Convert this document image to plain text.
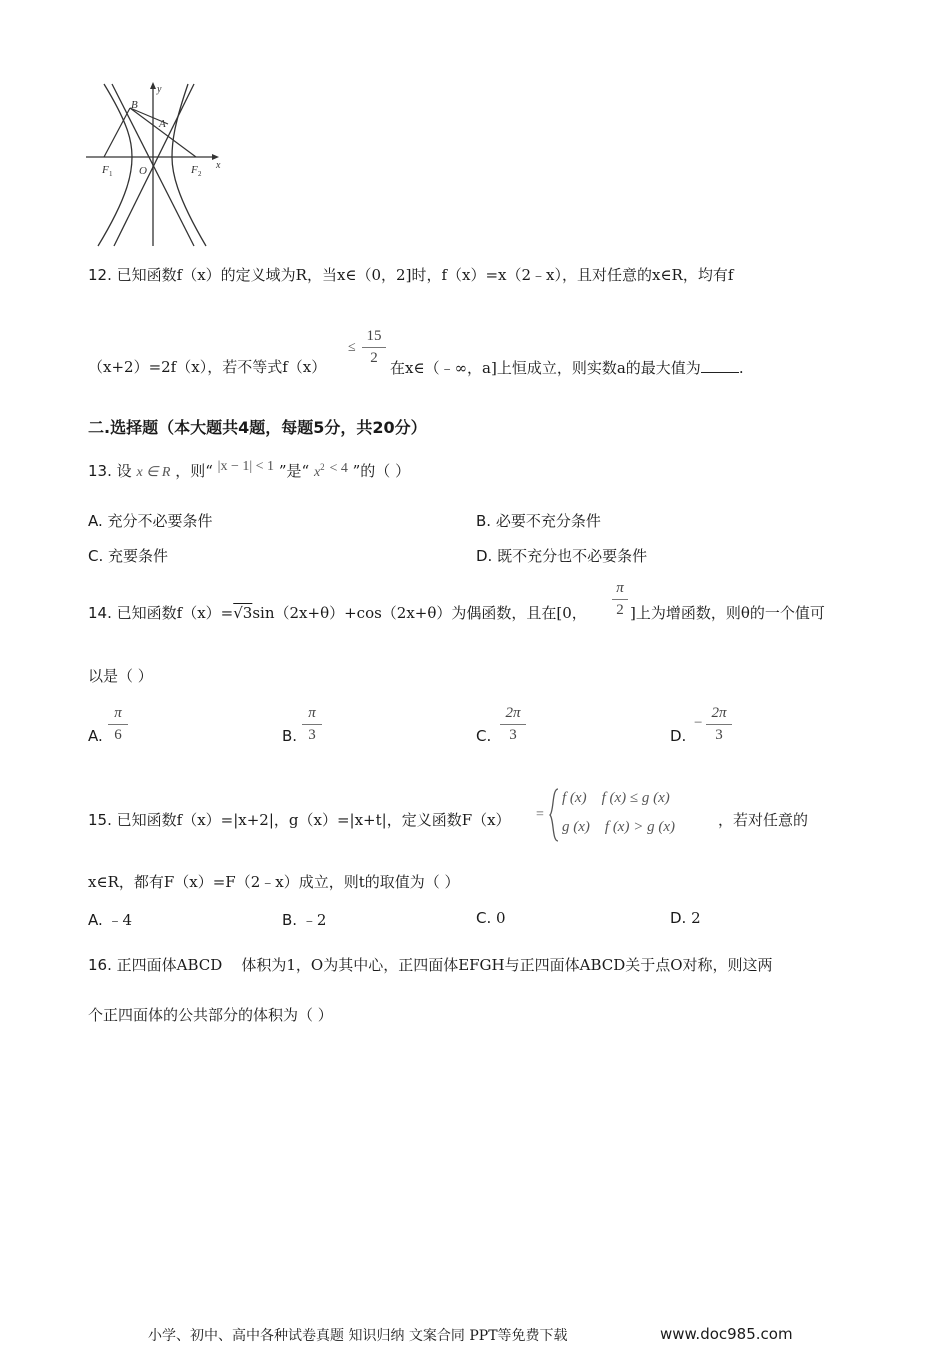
y
x
B
A
O
F 1	F 2
12. 已知函数f（x）的定义域为R，当x∈（0，2]时，f（x）=x（2﹣x），且对任意的x∈R，均有f
（x+2）=2f（x），若不等式f（x）
≤
15
2
在x∈（﹣∞，a]上恒成立，则实数a的最大值为	.
二.选择题（本大题共4题，每题5分，共20分）
13. 设 x ∈ R ，则“ |x − 1| < 1 ”是“ $x^2 < 4$ ”的（ ）
A. 充分不必要条件	B. 必要不充分条件
C. 充要条件	D. 既不充分也不必要条件
14. 已知函数f（x）=√3sin（2x+θ）+cos（2x+θ）为偶函数，且在[0，
π
2 ]上为增函数，则θ的一个值可
以是（ ）
A.
π
6	B.
π
3	C.
2π
3	D.
−
2π
3
15. 已知函数f（x）=|x+2|，g（x）=|x+t|，定义函数F（x） =
f (x)    f (x) ≤ g (x)
g (x)    f (x) > g (x)	，若对任意的
x∈R，都有F（x）=F（2﹣x）成立，则t的取值为（ ）
A. ﹣4	B. ﹣2	C. 0	D. 2
16. 正四面体ABCD    体积为1，O为其中心，正四面体EFGH与正四面体ABCD关于点O对称，则这两
个正四面体的公共部分的体积为（ ）
小学、初中、高中各种试卷真题 知识归纳 文案合同 PPT等免费下载	www.doc985.com
